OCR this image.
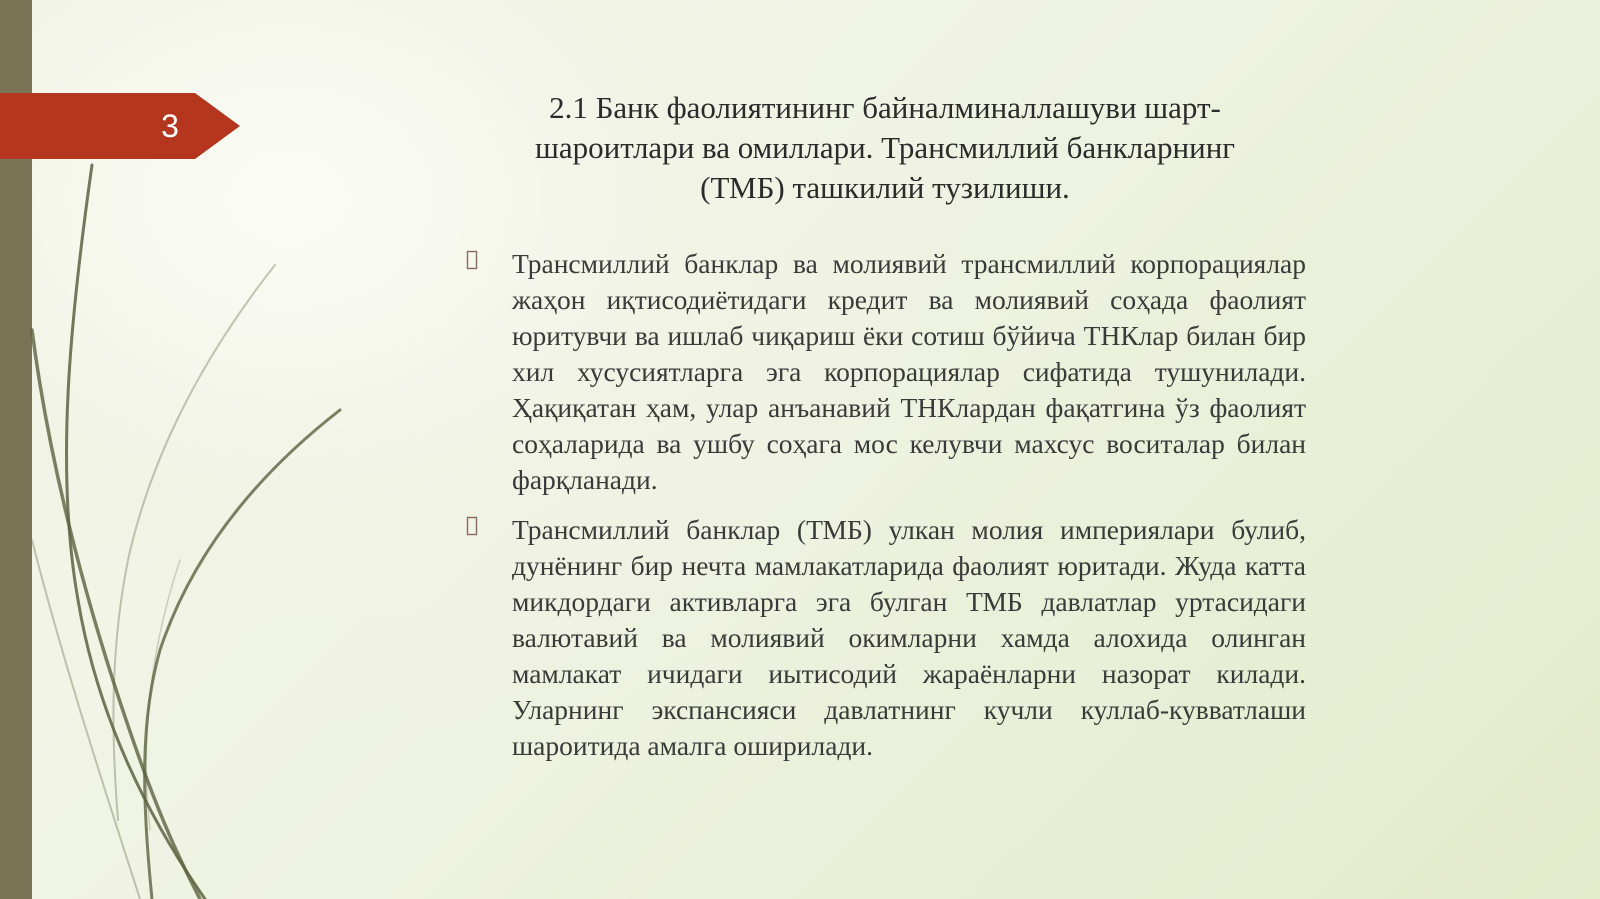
3
2.1 Банк фаолиятининг байналминаллашуви шарт-шароитлари ва омиллари. Трансмиллий банкларнинг (ТМБ) ташкилий тузилиши.
Трансмиллий банклар ва молиявий трансмиллий корпорациялар жаҳон иқтисодиётидаги кредит ва молиявий соҳада фаолият юритувчи ва ишлаб чиқариш ёки сотиш бўйича ТНКлар билан бир хил хусусиятларга эга корпорациялар сифатида тушунилади. Ҳақиқатан ҳам, улар анъанавий ТНКлардан фақатгина ўз фаолият соҳаларида ва ушбу соҳага мос келувчи махсус воситалар билан фарқланади.
Трансмиллий банклар (ТМБ) улкан молия империялари булиб, дунёнинг бир нечта мамлакатларида фаолият юритади. Жуда катта микдордаги активларга эга булган ТМБ давлатлар уртасидаги валютавий ва молиявий окимларни хамда алохида олинган мамлакат ичидаги иытисодий жараёнларни назорат килади. Уларнинг экспансияси давлатнинг кучли куллаб-кувватлаши шароитида амалга оширилади.
